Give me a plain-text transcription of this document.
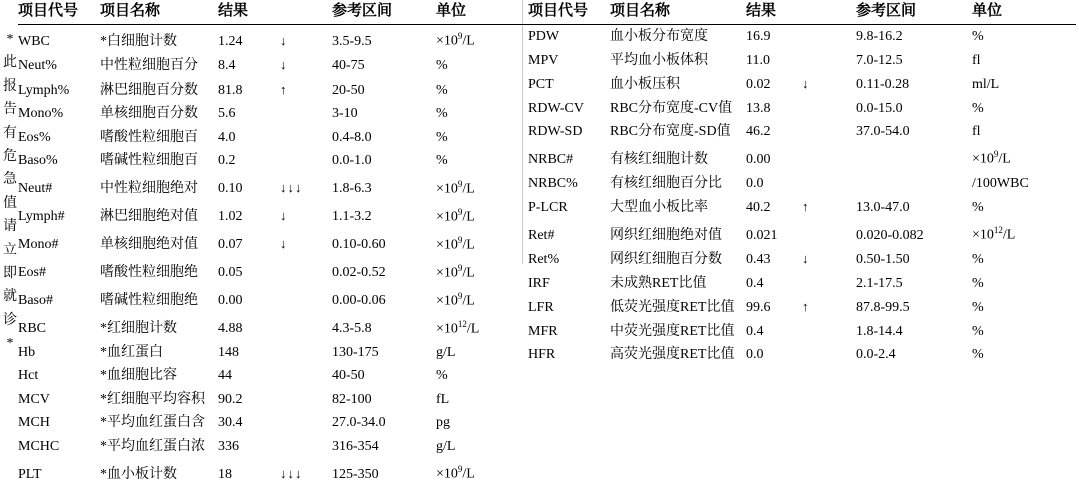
*
此
报
告
有
危
急
值
请
立
即
就
诊
*
项目代号	项目名称	结果		参考区间	单位
WBC	*白细胞计数	1.24	↓	3.5-9.5	$\times 10^9/L$
Neut%	中性粒细胞百分	8.4	↓	40-75	%
Lymph%	淋巴细胞百分数	81.8	↑	20-50	%
Mono%	单核细胞百分数	5.6		3-10	%
Eos%	嗜酸性粒细胞百	4.0		0.4-8.0	%
Baso%	嗜碱性粒细胞百	0.2		0.0-1.0	%
Neut#	中性粒细胞绝对	0.10	↓↓↓	1.8-6.3	$\times 10^9/L$
Lymph#	淋巴细胞绝对值	1.02	↓	1.1-3.2	$\times 10^9/L$
Mono#	单核细胞绝对值	0.07	↓	0.10-0.60	$\times 10^9/L$
Eos#	嗜酸性粒细胞绝	0.05		0.02-0.52	$\times 10^9/L$
Baso#	嗜碱性粒细胞绝	0.00		0.00-0.06	$\times 10^9/L$
RBC	*红细胞计数	4.88		4.3-5.8	$\times 10^{12}/L$
Hb	*血红蛋白	148		130-175	g/L
Hct	*血细胞比容	44		40-50	%
MCV	*红细胞平均容积	90.2		82-100	fL
MCH	*平均血红蛋白含	30.4		27.0-34.0	pg
MCHC	*平均血红蛋白浓	336		316-354	g/L
PLT	*血小板计数	18	↓↓↓	125-350	$\times 10^9/L$
项目代号	项目名称	结果		参考区间	单位
PDW	血小板分布宽度	16.9		9.8-16.2	%
MPV	平均血小板体积	11.0		7.0-12.5	fl
PCT	血小板压积	0.02	↓	0.11-0.28	ml/L
RDW-CV	RBC分布宽度-CV值	13.8		0.0-15.0	%
RDW-SD	RBC分布宽度-SD值	46.2		37.0-54.0	fl
NRBC#	有核红细胞计数	0.00			$\times 10^9/L$
NRBC%	有核红细胞百分比	0.0			/100WBC
P-LCR	大型血小板比率	40.2	↑	13.0-47.0	%
Ret#	网织红细胞绝对值	0.021		0.020-0.082	$\times 10^{12}/L$
Ret%	网织红细胞百分数	0.43	↓	0.50-1.50	%
IRF	未成熟RET比值	0.4		2.1-17.5	%
LFR	低荧光强度RET比值	99.6	↑	87.8-99.5	%
MFR	中荧光强度RET比值	0.4		1.8-14.4	%
HFR	高荧光强度RET比值	0.0		0.0-2.4	%
